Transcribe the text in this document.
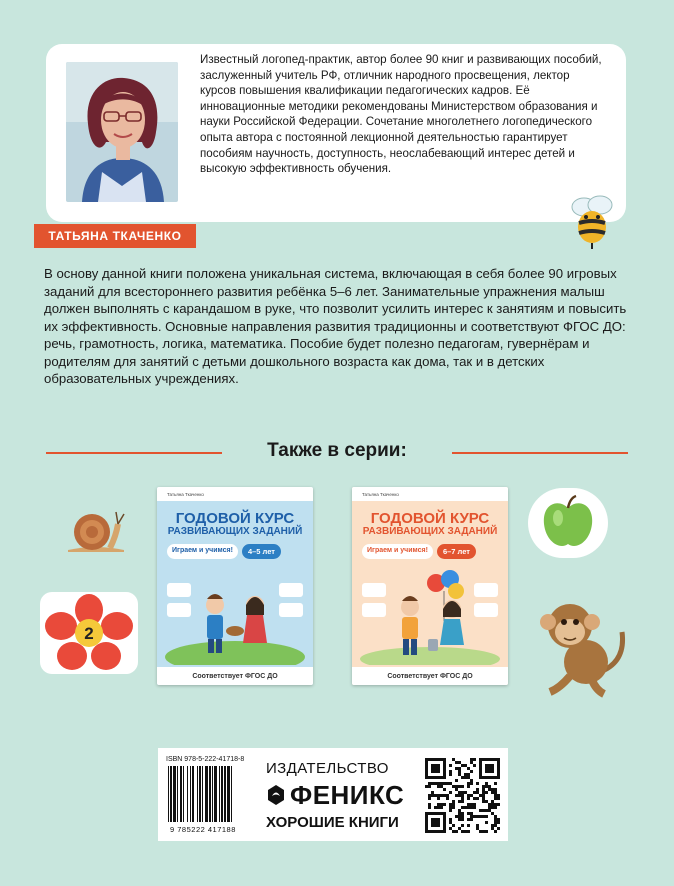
Известный логопед-практик, автор более 90 книг и развивающих пособий, заслуженный учитель РФ, отличник народного просвещения, лектор курсов повышения квалификации педагогических кадров. Её инновационные методики рекомендованы Министерством образования и науки Российской Федерации. Сочетание многолетнего логопедического опыта автора с постоянной лекционной деятельностью гарантирует пособиям научность, доступность, неослабевающий интерес детей и высокую эффективность обучения.

ТАТЬЯНА ТКАЧЕНКО

В основу данной книги положена уникальная система, включающая в себя более 90 игровых заданий для всестороннего развития ребёнка 5–6 лет. Занимательные упражнения малыш должен выполнять с карандашом в руке, что позволит усилить интерес к занятиям и повысить их эффективность. Основные направления развития традиционны и соответствуют ФГОС ДО: речь, грамотность, логика, математика. Пособие будет полезно педагогам, гувернёрам и родителям для занятий с детьми дошкольного возраста как дома, так и в детских образовательных учреждениях.

Также в серии:
Татьяна Ткаченко
ГОДОВОЙ КУРС
РАЗВИВАЮЩИХ ЗАДАНИЙ
Играем и учимся!	4–5 лет
Соответствует ФГОС ДО
Татьяна Ткаченко
ГОДОВОЙ КУРС
РАЗВИВАЮЩИХ ЗАДАНИЙ
Играем и учимся!	6–7 лет
Соответствует ФГОС ДО
2
ISBN 978-5-222-41718-8
9 785222 417188
ИЗДАТЕЛЬСТВО
ФЕНИКС
ХОРОШИЕ КНИГИ
